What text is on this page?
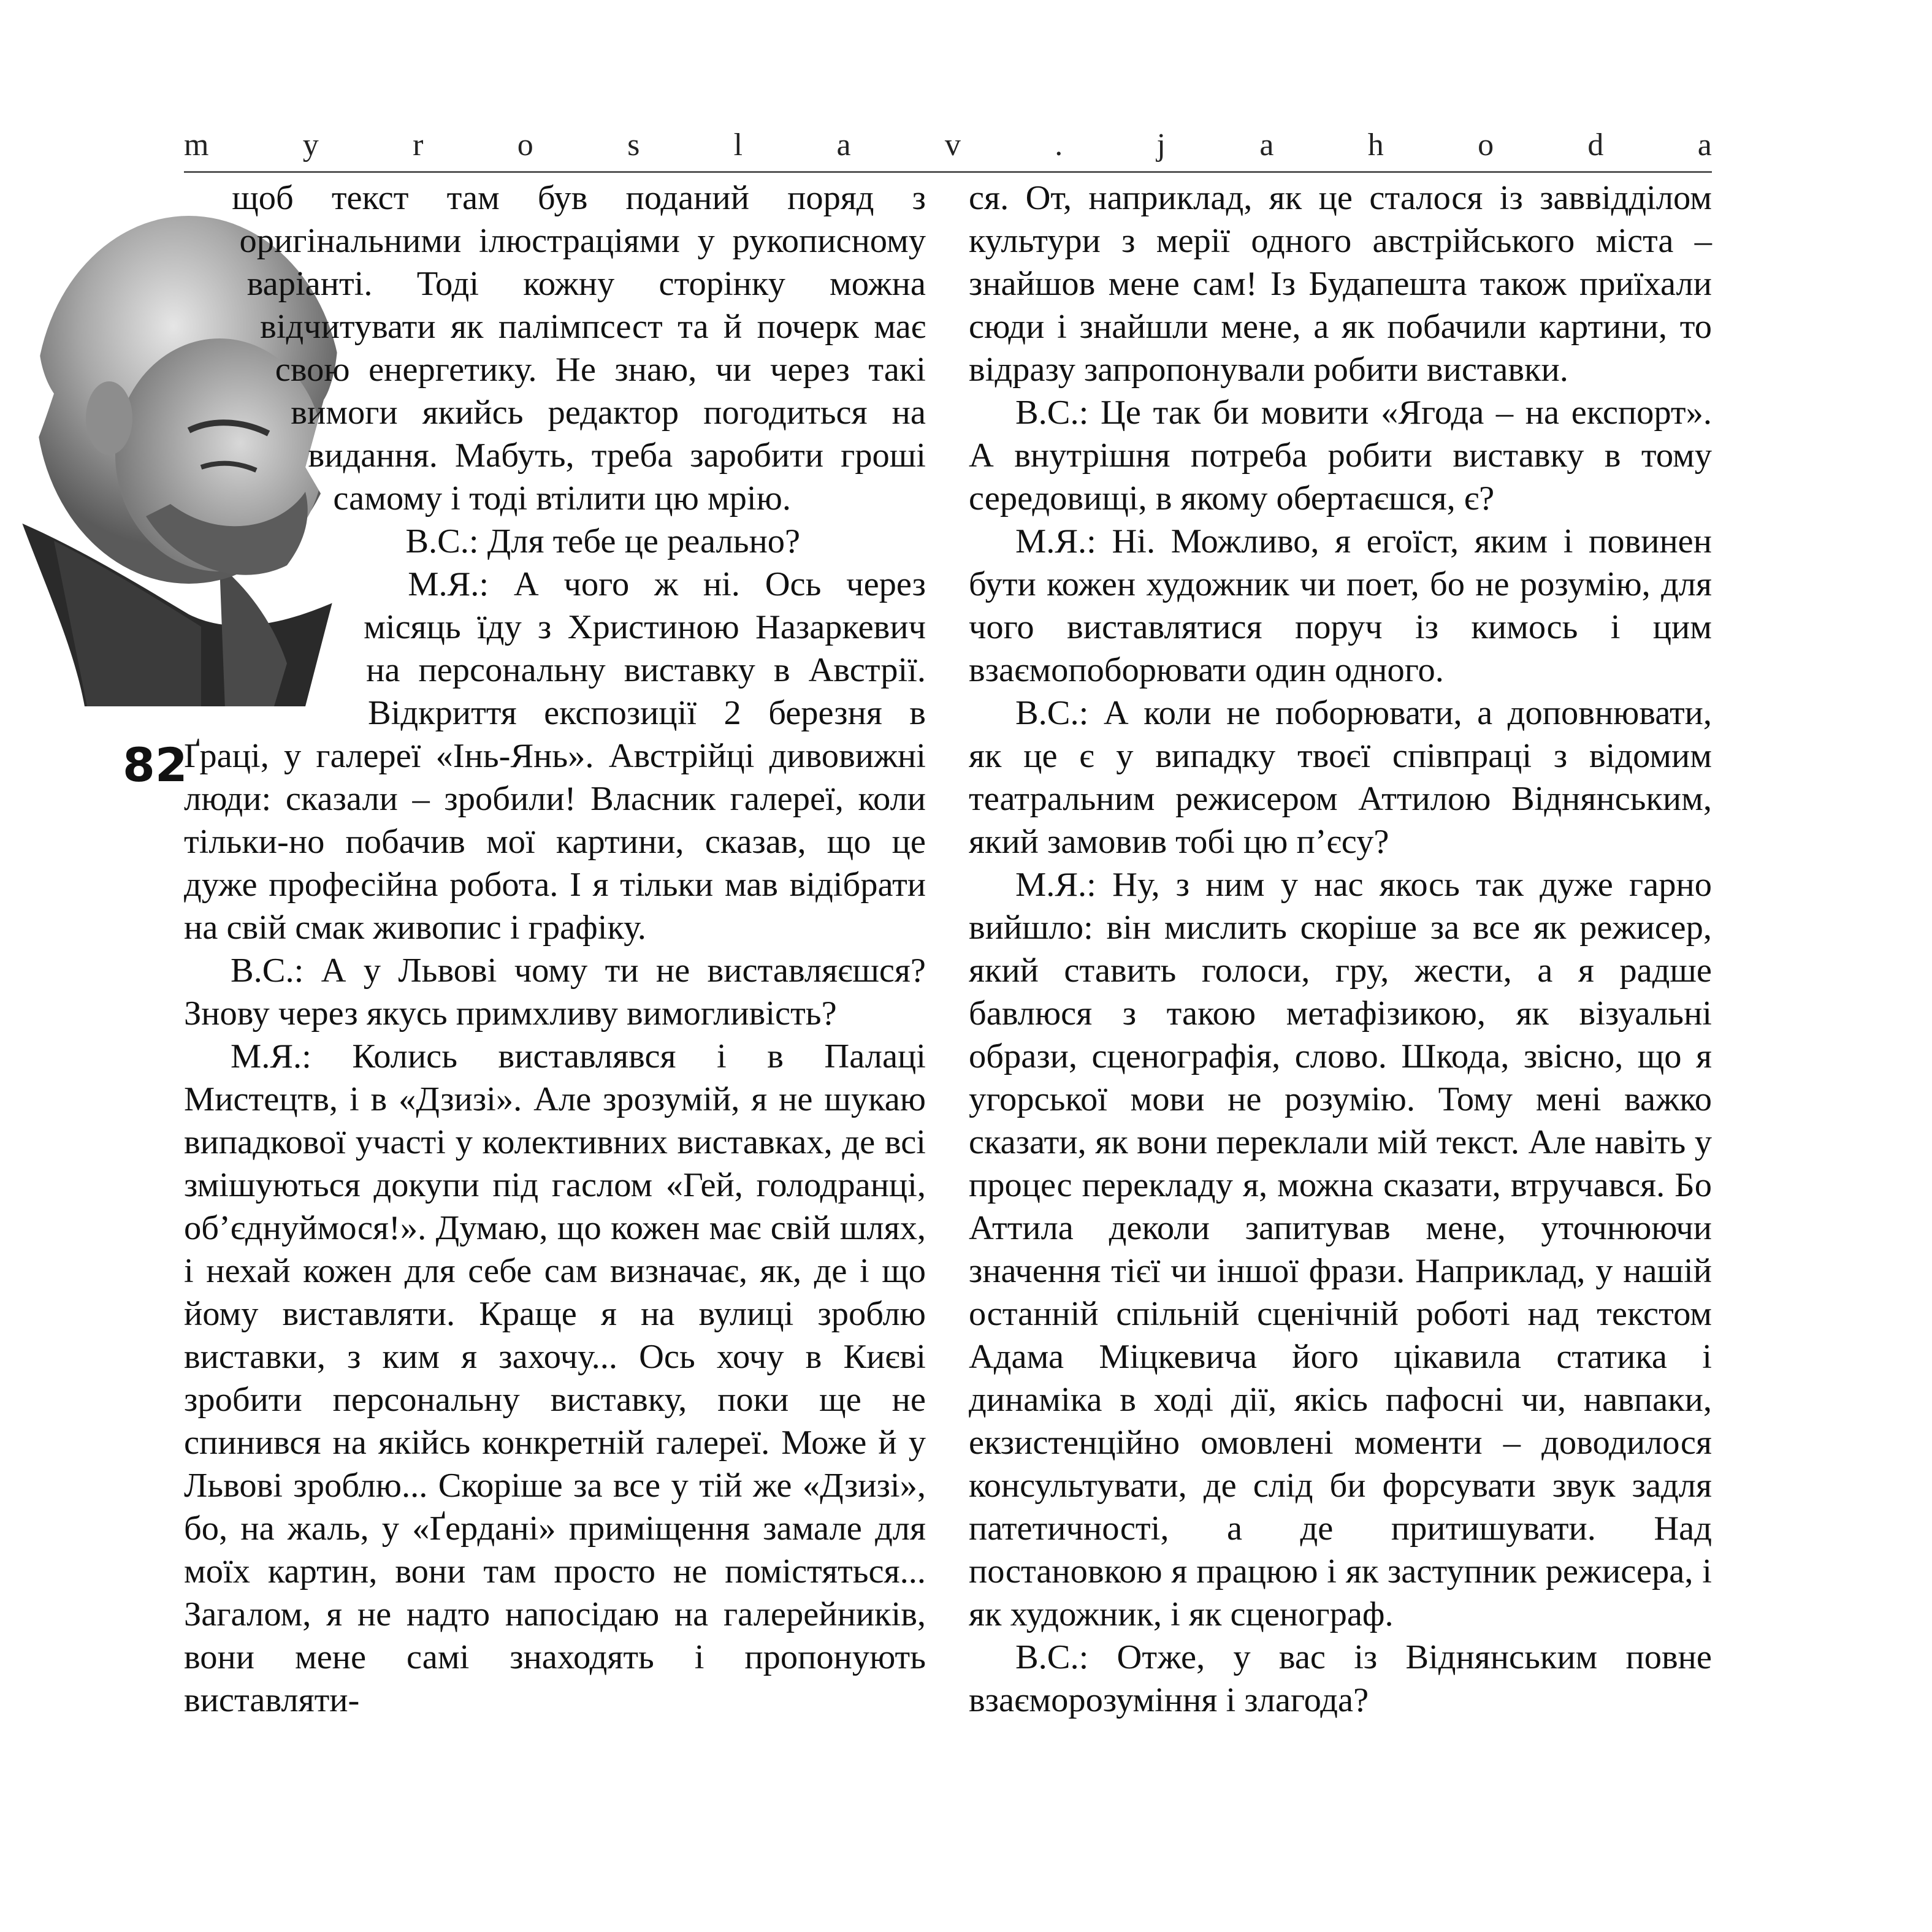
m	y	r	o	s	l	a	v	.	j	a	h	o	d	a
82

щоб текст там був поданий поряд з оригінальними ілюстраціями у рукописному варіанті. Тоді кожну сторінку можна відчитувати як палімпсест та й почерк має свою енергетику. Не знаю, чи через такі вимоги якийсь редактор погодиться на видання. Мабуть, треба заробити гроші самому і тоді втілити цю мрію.

В.С.: Для тебе це реально?

М.Я.: А чого ж ні. Ось через місяць їду з Христиною Назаркевич на персональну виставку в Австрії. Відкриття експозиції 2 березня в Ґраці, у галереї «Інь-Янь». Австрійці дивовижні люди: сказали – зробили! Власник галереї, коли тільки-но побачив мої картини, сказав, що це дуже професійна робота. І я тільки мав відібрати на свій смак живопис і графіку.

В.С.: А у Львові чому ти не виставляєшся? Знову через якусь примхливу вимогливість?

М.Я.: Колись виставлявся і в Палаці Мистецтв, і в «Дзизі». Але зрозумій, я не шукаю випадкової участі у колективних виставках, де всі змішуються докупи під гаслом «Гей, голодранці, об’єднуймося!». Думаю, що кожен має свій шлях, і нехай кожен для себе сам визначає, як, де і що йому виставляти. Краще я на вулиці зроблю виставки, з ким я захочу... Ось хочу в Києві зробити персональну виставку, поки ще не спинився на якійсь конкретній галереї. Може й у Львові зроблю... Скоріше за все у тій же «Дзизі», бо, на жаль, у «Ґердані» приміщення замале для моїх картин, вони там просто не помістяться... Загалом, я не надто напосідаю на галерейників, вони мене самі знаходять і пропонують виставляти-

ся. От, наприклад, як це сталося із заввідділом культури з мерії одного австрійського міста – знайшов мене сам! Із Будапешта також приїхали сюди і знайшли мене, а як побачили картини, то відразу запропонували робити виставки.

В.С.: Це так би мовити «Ягода – на експорт». А внутрішня потреба робити виставку в тому середовищі, в якому обертаєшся, є?

М.Я.: Ні. Можливо, я егоїст, яким і повинен бути кожен художник чи поет, бо не розумію, для чого виставлятися поруч із кимось і цим взаємопоборювати один одного.

В.С.: А коли не поборювати, а доповнювати, як це є у випадку твоєї співпраці з відомим театральним режисером Аттилою Віднянським, який замовив тобі цю п’єсу?

М.Я.: Ну, з ним у нас якось так дуже гарно вийшло: він мислить скоріше за все як режисер, який ставить голоси, гру, жести, а я радше бавлюся з такою метафізикою, як візуальні образи, сценографія, слово. Шкода, звісно, що я угорської мови не розумію. Тому мені важко сказати, як вони переклали мій текст. Але навіть у процес перекладу я, можна сказати, втручався. Бо Аттила деколи запитував мене, уточнюючи значення тієї чи іншої фрази. Наприклад, у нашій останній спільній сценічній роботі над текстом Адама Міцкевича його цікавила статика і динаміка в ході дії, якісь пафосні чи, навпаки, екзистенційно омовлені моменти – доводилося консультувати, де слід би форсувати звук задля патетичності, а де притишувати. Над постановкою я працюю і як заступник режисера, і як художник, і як сценограф.

В.С.: Отже, у вас із Віднянським повне взаєморозуміння і злагода?
